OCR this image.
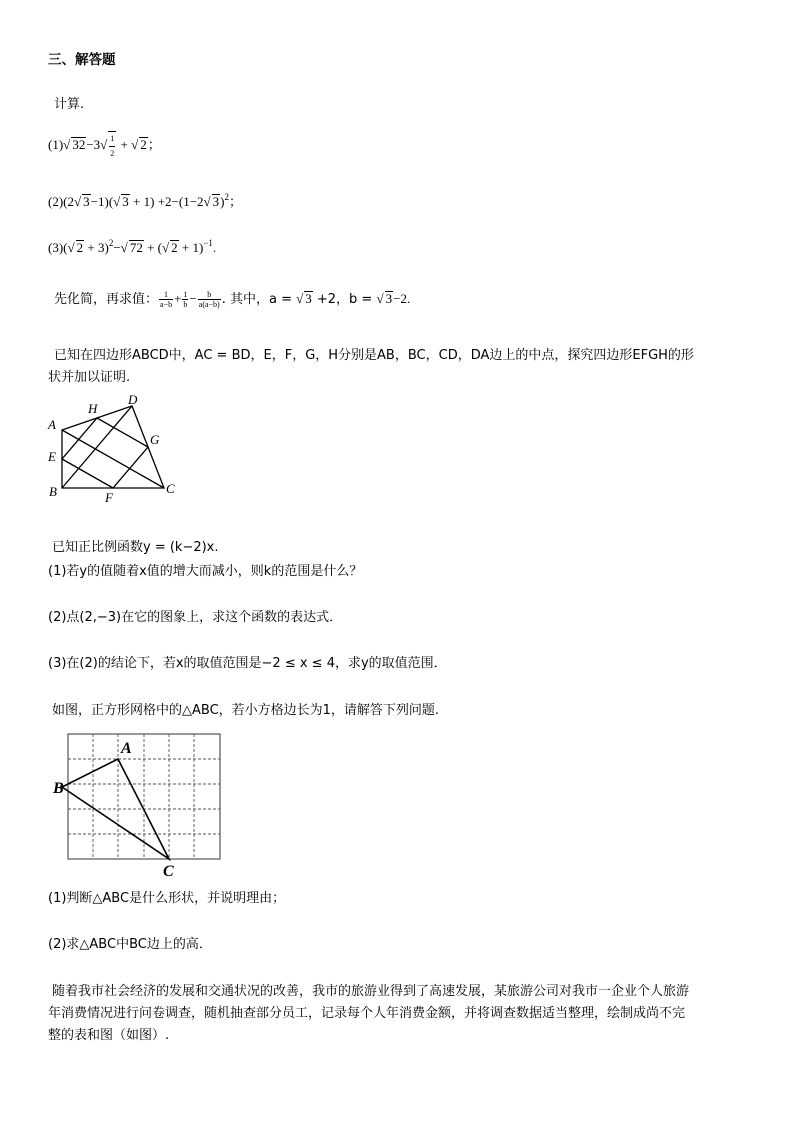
三、解答题
计算.
(1)√ $32-3√ \frac{1}{2}$ + √ 2；
(2)(2√ 3−1)(√ 3 + 1) +2−(1−2√ 3)$^2$；
(3)(√ 2 + 3)$^2$−√ 72 + (√ 2 + 1)$^{-1}$.
先化简，再求值： $\frac{1}{a-b} + \frac{1}{b} - \frac{b}{a(a-b)}$ . 其中，a = √ 3 +2，b = √ 3−2.
已知在四边形ABCD中，AC = BD，E，F，G，H分别是AB，BC，CD，DA边上的中点，探究四边形EFGH的形
状并加以证明.
A
H
D
G
E
B	F
C
已知正比例函数y = (k−2)x.
(1)若y的值随着x值的增大而减小，则k的范围是什么？
(2)点(2,−3)在它的图象上，求这个函数的表达式．
(3)在(2)的结论下，若x的取值范围是−2 ≤ x ≤ 4，求y的取值范围．
如图，正方形网格中的△ABC，若小方格边长为1，请解答下列问题.
A
B
C
(1)判断△ABC是什么形状，并说明理由；
(2)求△ABC中BC边上的高．
随着我市社会经济的发展和交通状况的改善，我市的旅游业得到了高速发展，某旅游公司对我市一企业个人旅游
年消费情况进行问卷调查，随机抽查部分员工，记录每个人年消费金额，并将调查数据适当整理，绘制成尚不完
整的表和图（如图）.
